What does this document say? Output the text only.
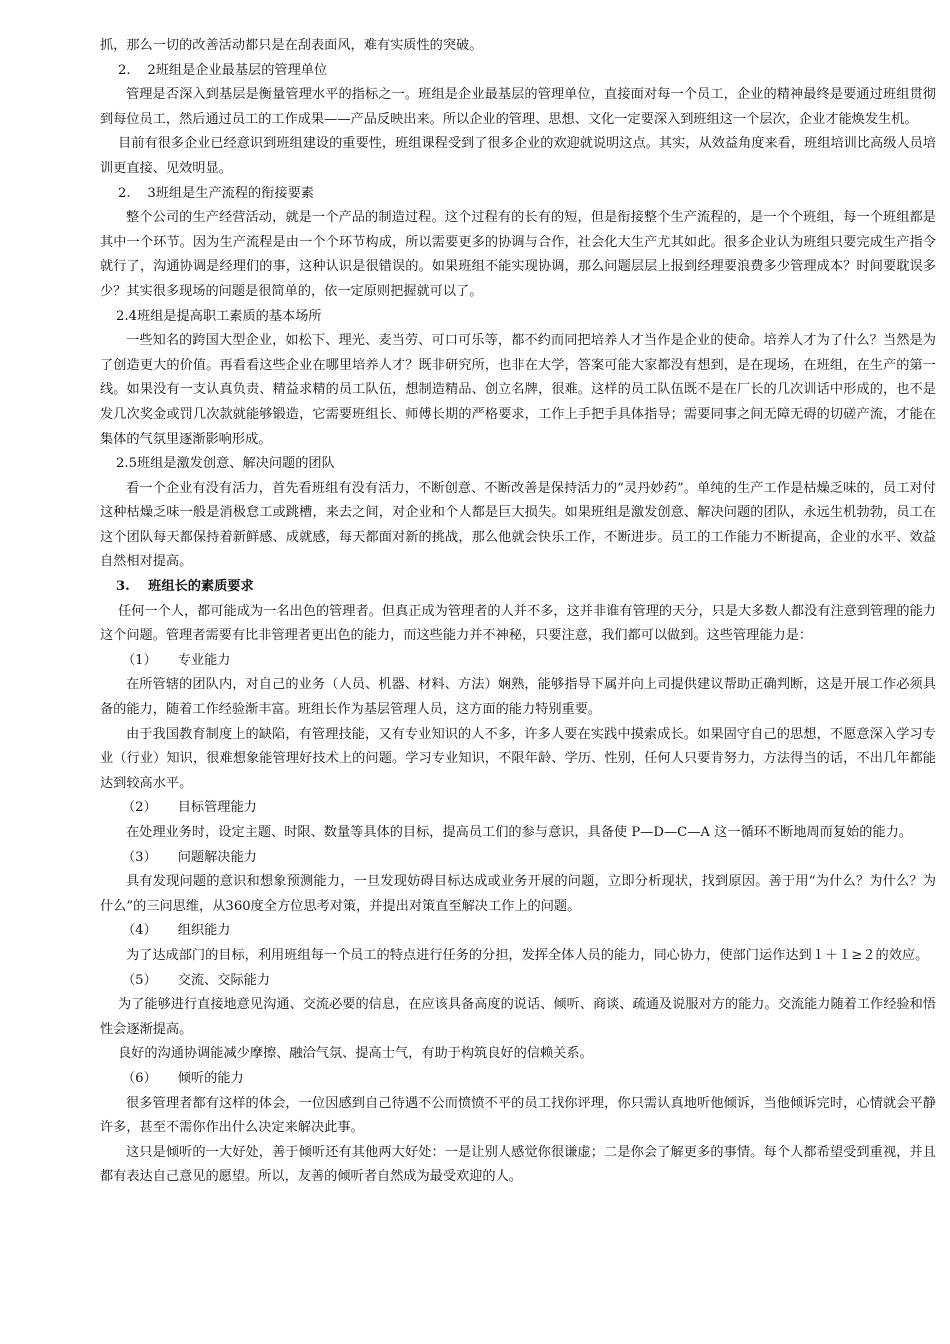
抓，那么一切的改善活动都只是在刮表面风，难有实质性的突破。

2.    2班组是企业最基层的管理单位

管理是否深入到基层是衡量管理水平的指标之一。班组是企业最基层的管理单位，直接面对每一个员工，企业的精神最终是要通过班组贯彻到每位员工，然后通过员工的工作成果——产品反映出来。所以企业的管理、思想、文化一定要深入到班组这一个层次，企业才能焕发生机。

目前有很多企业已经意识到班组建设的重要性，班组课程受到了很多企业的欢迎就说明这点。其实，从效益角度来看，班组培训比高级人员培训更直接、见效明显。

2.    3班组是生产流程的衔接要素

整个公司的生产经营活动，就是一个产品的制造过程。这个过程有的长有的短，但是衔接整个生产流程的，是一个个班组，每一个班组都是其中一个环节。因为生产流程是由一个个环节构成，所以需要更多的协调与合作，社会化大生产尤其如此。很多企业认为班组只要完成生产指令就行了，沟通协调是经理们的事，这种认识是很错误的。如果班组不能实现协调，那么问题层层上报到经理要浪费多少管理成本？时间要耽误多少？其实很多现场的问题是很简单的，依一定原则把握就可以了。

2.4班组是提高职工素质的基本场所

一些知名的跨国大型企业，如松下、理光、麦当劳、可口可乐等，都不约而同把培养人才当作是企业的使命。培养人才为了什么？当然是为了创造更大的价值。再看看这些企业在哪里培养人才？既非研究所，也非在大学，答案可能大家都没有想到，是在现场，在班组，在生产的第一线。如果没有一支认真负责、精益求精的员工队伍，想制造精品、创立名牌，很难。这样的员工队伍既不是在厂长的几次训话中形成的，也不是发几次奖金或罚几次款就能够锻造，它需要班组长、师傅长期的严格要求，工作上手把手具体指导；需要同事之间无障无碍的切磋产流，才能在集体的气氛里逐渐影响形成。

2.5班组是激发创意、解决问题的团队

看一个企业有没有活力，首先看班组有没有活力，不断创意、不断改善是保持活力的“灵丹妙药”。单纯的生产工作是枯燥乏味的，员工对付这种枯燥乏味一般是消极怠工或跳槽，来去之间，对企业和个人都是巨大损失。如果班组是激发创意、解决问题的团队，永远生机勃勃，员工在这个团队每天都保持着新鲜感、成就感，每天都面对新的挑战，那么他就会快乐工作，不断进步。员工的工作能力不断提高，企业的水平、效益自然相对提高。

3.    班组长的素质要求

任何一个人，都可能成为一名出色的管理者。但真正成为管理者的人并不多，这并非谁有管理的天分，只是大多数人都没有注意到管理的能力这个问题。管理者需要有比非管理者更出色的能力，而这些能力并不神秘，只要注意，我们都可以做到。这些管理能力是：

（1）     专业能力

在所管辖的团队内，对自己的业务（人员、机器、材料、方法）娴熟，能够指导下属并向上司提供建议帮助正确判断，这是开展工作必须具备的能力，随着工作经验渐丰富。班组长作为基层管理人员，这方面的能力特别重要。

由于我国教育制度上的缺陷，有管理技能，又有专业知识的人不多，许多人要在实践中摸索成长。如果固守自己的思想，不愿意深入学习专业（行业）知识，很难想象能管理好技术上的问题。学习专业知识，不限年龄、学历、性别，任何人只要肯努力，方法得当的话，不出几年都能达到较高水平。

（2）     目标管理能力

在处理业务时，设定主题、时限、数量等具体的目标，提高员工们的参与意识，具备使 P—D—C—A 这一循环不断地周而复始的能力。

（3）     问题解决能力

具有发现问题的意识和想象预测能力，一旦发现妨碍目标达成或业务开展的问题，立即分析现状，找到原因。善于用“为什么？为什么？为什么”的三问思维，从360度全方位思考对策，并提出对策直至解决工作上的问题。

（4）     组织能力

为了达成部门的目标，利用班组每一个员工的特点进行任务的分担，发挥全体人员的能力，同心协力，使部门运作达到１＋１≥２的效应。

（5）     交流、交际能力

为了能够进行直接地意见沟通、交流必要的信息，在应该具备高度的说话、倾听、商谈、疏通及说服对方的能力。交流能力随着工作经验和悟性会逐渐提高。

良好的沟通协调能减少摩擦、融洽气氛、提高士气，有助于构筑良好的信赖关系。

（6）     倾听的能力

很多管理者都有这样的体会，一位因感到自己待遇不公而愤愤不平的员工找你评理，你只需认真地听他倾诉，当他倾诉完时，心情就会平静许多，甚至不需你作出什么决定来解决此事。

这只是倾听的一大好处，善于倾听还有其他两大好处：一是让别人感觉你很谦虚；二是你会了解更多的事情。每个人都希望受到重视，并且都有表达自己意见的愿望。所以，友善的倾听者自然成为最受欢迎的人。
